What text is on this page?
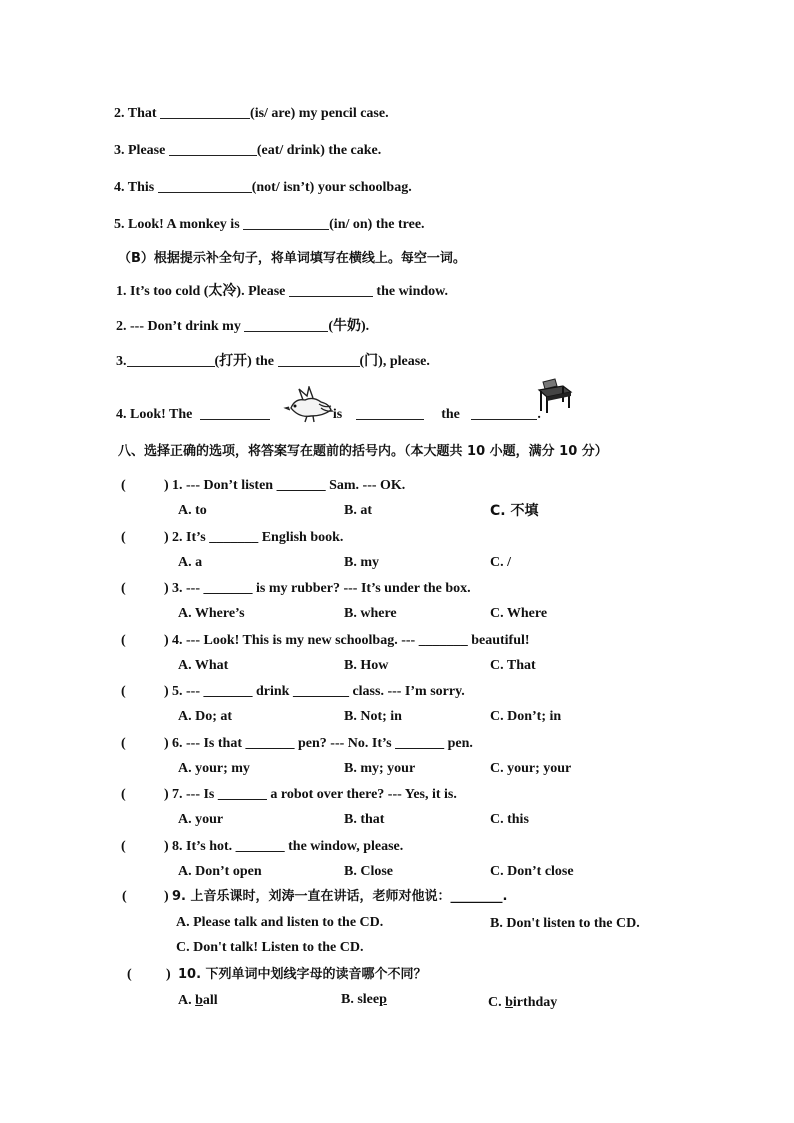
2. That	(is/ are) my pencil case.
3. Please	(eat/ drink) the cake.
4. This	(not/ isn’t) your schoolbag.
5. Look! A monkey is	(in/ on) the tree.
（B）根据提示补全句子，将单词填写在横线上。每空一词。
1. It’s too cold (太冷). Please	the window.
2. --- Don’t drink my	(牛奶).
3.	(打开) the	(门), please.
4. Look! The	is	the	.
八、选择正确的选项，将答案写在题前的括号内。（本大题共 10 小题，满分 10 分）
(	) 1. --- Don’t listen _______ Sam. --- OK.
A. to	B. at	C. 不填
(	) 2. It’s _______ English book.
A. a	B. my	C. /
(	) 3. --- _______ is my rubber? --- It’s under the box.
A. Where’s	B. where	C. Where
(	) 4. --- Look! This is my new schoolbag. --- _______ beautiful!
A. What	B. How	C. That
(	) 5. --- _______ drink ________ class. --- I’m sorry.
A. Do; at	B. Not; in	C. Don’t; in
(	) 6. --- Is that _______ pen? --- No. It’s _______ pen.
A. your; my	B. my; your	C. your; your
(	) 7. --- Is _______ a robot over there? --- Yes, it is.
A. your	B. that	C. this
(	) 8. It’s hot. _______ the window, please.
A. Don’t open	B. Close	C. Don’t close
(	) 9. 上音乐课时，刘涛一直在讲话，老师对他说：________.
A. Please talk and listen to the CD.	B. Don't listen to the CD.
C. Don't talk! Listen to the CD.
( ) 10. 下列单词中划线字母的读音哪个不同？
A. ball	B. sleep	C. birthday
